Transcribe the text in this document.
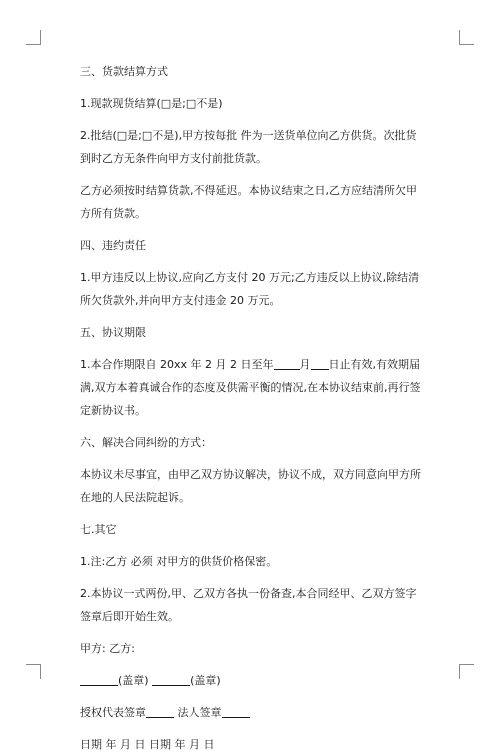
三、货款结算方式

1.现款现货结算(□是;□不是)

2.批结(□是;□不是),甲方按每批 件为一送货单位向乙方供货。次批货到时乙方无条件向甲方支付前批货款。

乙方必须按时结算货款,不得延迟。本协议结束之日,乙方应结清所欠甲方所有货款。

四、违约责任

1.甲方违反以上协议,应向乙方支付 20 万元;乙方违反以上协议,除结清所欠货款外,并向甲方支付违金 20 万元。

五、协议期限

1.本合作期限自 20xx 年 2 月 2 日至年 月 日止有效,有效期届满,双方本着真诚合作的态度及供需平衡的情况,在本协议结束前,再行签定新协议书。

六、解决合同纠纷的方式：

本协议未尽事宜，由甲乙双方协议解决，协议不成，双方同意向甲方所在地的人民法院起诉。

七.其它

1.注:乙方 必须 对甲方的供货价格保密。

2.本协议一式两份,甲、乙双方各执一份备查,本合同经甲、乙双方签字签章后即开始生效。

甲方: 乙方:

(盖章)	(盖章)

授权代表签章	法人签章

日期 年 月 日 日期 年 月 日
